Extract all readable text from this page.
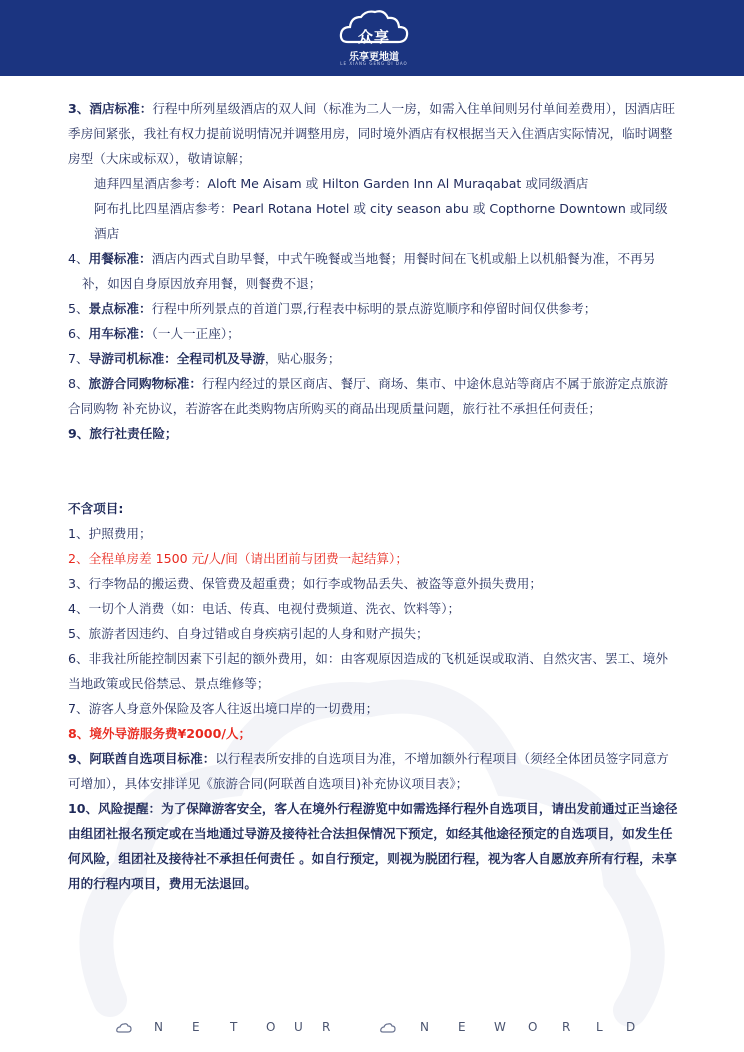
众享
乐享更地道
LE XIANG GENG DI DAO

3、酒店标准：行程中所列星级酒店的双人间（标准为二人一房，如需入住单间则另付单间差费用），因酒店旺季房间紧张，我社有权力提前说明情况并调整用房，同时境外酒店有权根据当天入住酒店实际情况，临时调整房型（大床或标双），敬请谅解；

迪拜四星酒店参考：Aloft Me Aisam 或 Hilton Garden Inn Al Muraqabat 或同级酒店

阿布扎比四星酒店参考：Pearl Rotana Hotel 或 city season abu 或 Copthorne Downtown 或同级酒店

4、用餐标准：酒店内西式自助早餐，中式午晚餐或当地餐；用餐时间在飞机或船上以机船餐为准，不再另补，如因自身原因放弃用餐，则餐费不退；

5、景点标准：行程中所列景点的首道门票,行程表中标明的景点游览顺序和停留时间仅供参考；

6、用车标准：（一人一正座）；

7、导游司机标准：全程司机及导游，贴心服务；

8、旅游合同购物标准：行程内经过的景区商店、餐厅、商场、集市、中途休息站等商店不属于旅游定点旅游合同购物 补充协议，若游客在此类购物店所购买的商品出现质量问题，旅行社不承担任何责任；

9、旅行社责任险；

不含项目:

1、护照费用；

2、全程单房差 1500 元/人/间（请出团前与团费一起结算）；

3、行李物品的搬运费、保管费及超重费；如行李或物品丢失、被盗等意外损失费用；

4、一切个人消费（如：电话、传真、电视付费频道、洗衣、饮料等）；

5、旅游者因违约、自身过错或自身疾病引起的人身和财产损失；

6、非我社所能控制因素下引起的额外费用，如：由客观原因造成的飞机延误或取消、自然灾害、罢工、境外当地政策或民俗禁忌、景点维修等；

7、游客人身意外保险及客人往返出境口岸的一切费用；

8、境外导游服务费¥2000/人；

9、阿联酋自选项目标准：以行程表所安排的自选项目为准，不增加额外行程项目（须经全体团员签字同意方可增加），具体安排详见《旅游合同(阿联酋自选项目)补充协议项目表》；

10、风险提醒：为了保障游客安全，客人在境外行程游览中如需选择行程外自选项目，请出发前通过正当途径由组团社报名预定或在当地通过导游及接待社合法担保情况下预定，如经其他途径预定的自选项目，如发生任何风险，组团社及接待社不承担任何责任 。如自行预定，则视为脱团行程，视为客人自愿放弃所有行程，未享用的行程内项目，费用无法退回。

N E	T O U R	N E W O R L D
